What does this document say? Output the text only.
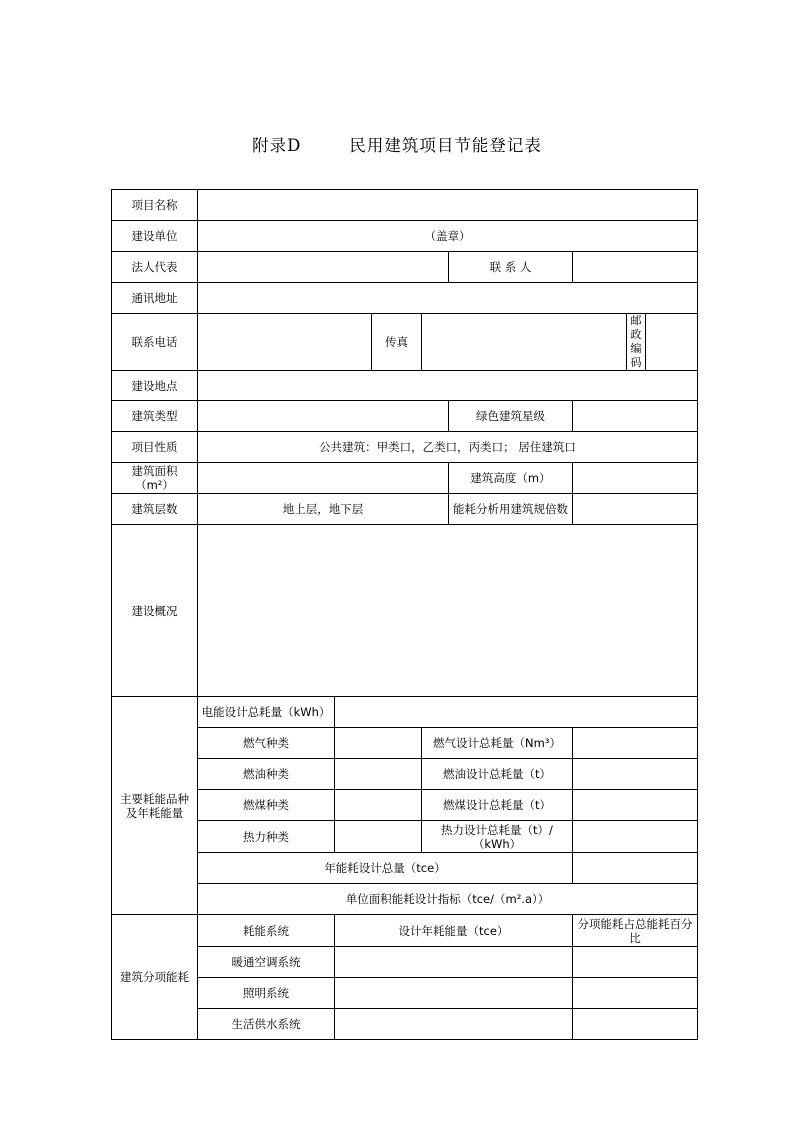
附录D	民用建筑项目节能登记表
项目名称								
建设单位	（盖章）							
法人代表					联 系 人			
通讯地址								
联系电话			传真				邮政编码	
建设地点								
建筑类型					绿色建筑星级			
项目性质	公共建筑：甲类口，乙类口，丙类口； 居住建筑口							
建筑面积（m²）					建筑高度（m）			
建筑层数	地上层，地下层				能耗分析用建筑规倍数			
建设概况								
主要耗能品种及年耗能量	电能设计总耗量（kWh）							
	燃气种类			燃气设计总耗量（Nm³）				
	燃油种类			燃油设计总耗量（t）				
	燃煤种类			燃煤设计总耗量（t）				
	热力种类			热力设计总耗量（t）/（kWh）				
	年能耗设计总量（tce）							
	单位面积能耗设计指标（tce/（m².a））							
建筑分项能耗	耗能系统	设计年耗能量（tce）				分项能耗占总能耗百分比		
	暖通空调系统							
	照明系统							
	生活供水系统							
